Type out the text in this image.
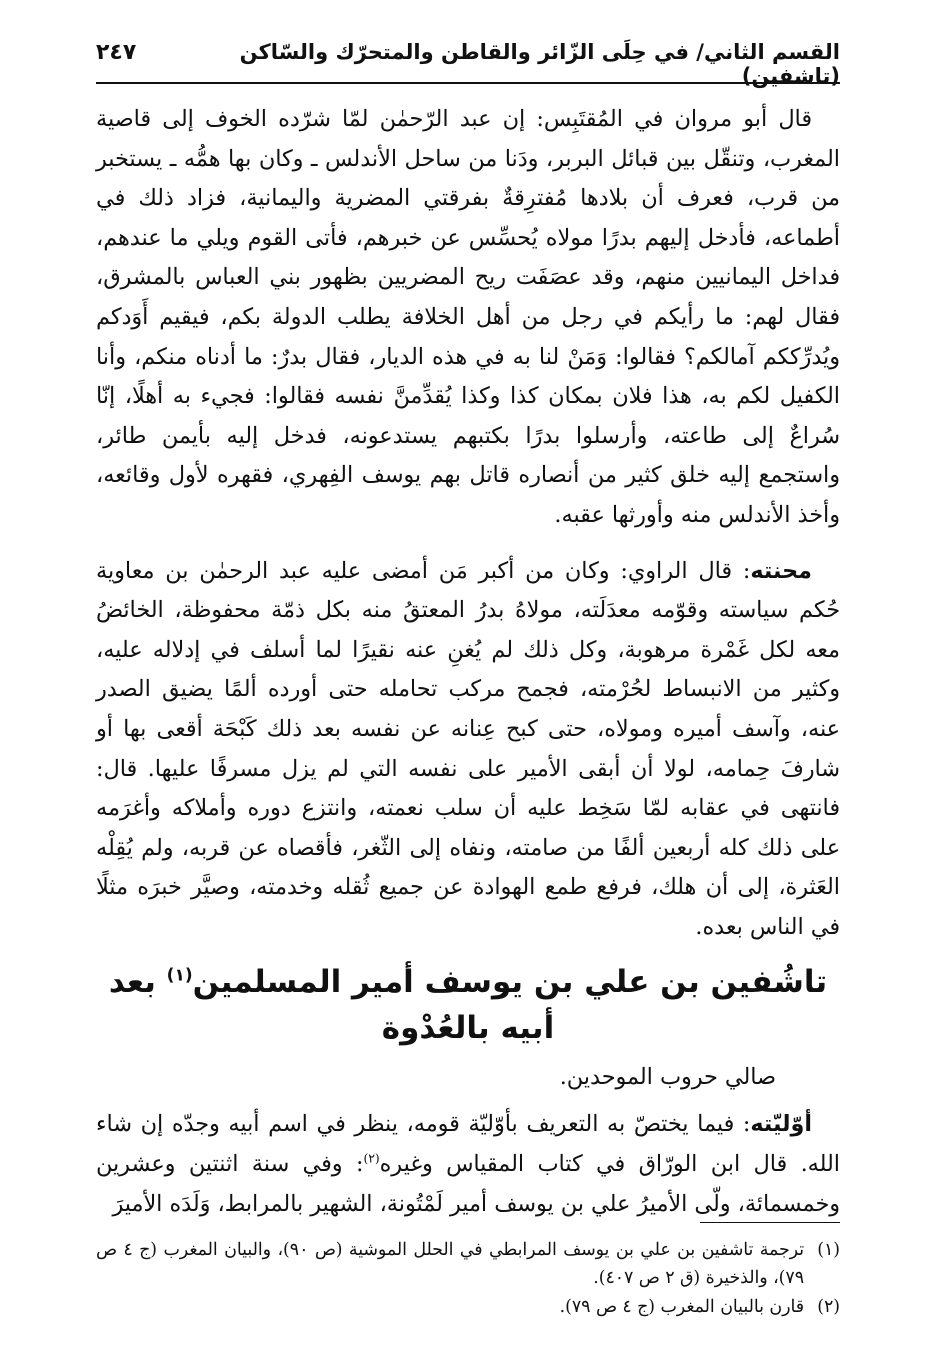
القسم الثاني/ في حِلَى الزّائر والقاطن والمتحرّك والسّاكن (تاشفين)
٢٤٧

قال أبو مروان في المُقتَبِس: إن عبد الرّحمٰن لمّا شرّده الخوف إلى قاصية المغرب، وتنقّل بين قبائل البربر، ودَنا من ساحل الأندلس ـ وكان بها همُّه ـ يستخبر من قرب، فعرف أن بلادها مُفترِقةٌ بفرقتي المضرية واليمانية، فزاد ذلك في أطماعه، فأدخل إليهم بدرًا مولاه يُحسِّس عن خبرهم، فأتى القوم ويلي ما عندهم، فداخل اليمانيين منهم، وقد عصَفَت ريح المضريين بظهور بني العباس بالمشرق، فقال لهم: ما رأيكم في رجل من أهل الخلافة يطلب الدولة بكم، فيقيم أَوَدكم ويُدرِّككم آمالكم؟ فقالوا: وَمَنْ لنا به في هذه الديار، فقال بدرٌ: ما أدناه منكم، وأنا الكفيل لكم به، هذا فلان بمكان كذا وكذا يُقدِّمنَّ نفسه فقالوا: فجيء به أهلًا، إنّا سُراعٌ إلى طاعته، وأرسلوا بدرًا بكتبهم يستدعونه، فدخل إليه بأيمن طائر، واستجمع إليه خلق كثير من أنصاره قاتل بهم يوسف الفِهري، فقهره لأول وقائعه، وأخذ الأندلس منه وأورثها عقبه.

محنته: قال الراوي: وكان من أكبر مَن أمضى عليه عبد الرحمٰن بن معاوية حُكم سياسته وقوّمه معدَلَته، مولاهُ بدرُ المعتقُ منه بكل ذمّة محفوظة، الخائضُ معه لكل غَمْرة مرهوبة، وكل ذلك لم يُغنِ عنه نقيرًا لما أسلف في إدلاله عليه، وكثير من الانبساط لحُرْمته، فجمح مركب تحامله حتى أورده ألمًا يضيق الصدر عنه، وآسف أميره ومولاه، حتى كبح عِنانه عن نفسه بعد ذلك كَبْحَة أقعى بها أو شارفَ حِمامه، لولا أن أبقى الأمير على نفسه التي لم يزل مسرفًا عليها. قال: فانتهى في عقابه لمّا سَخِط عليه أن سلب نعمته، وانتزع دوره وأملاكه وأغرَمه على ذلك كله أربعين ألفًا من صامته، ونفاه إلى الثّغر، فأقصاه عن قربه، ولم يُقِلْه العَثرة، إلى أن هلك، فرفع طمع الهوادة عن جميع ثُقله وخدمته، وصيَّر خبرَه مثلًا في الناس بعده.

تاشُفين بن علي بن يوسف أمير المسلمين$^{(١)}$ بعد أبيه بالعُدْوة
صالي حروب الموحدين.

أوّليّته: فيما يختصّ به التعريف بأوّليّة قومه، ينظر في اسم أبيه وجدّه إن شاء الله. قال ابن الورّاق في كتاب المقياس وغيره$^{(٢)}$: وفي سنة اثنتين وعشرين وخمسمائة، ولّى الأميرُ علي بن يوسف أمير لَمْتُونة، الشهير بالمرابط، وَلَدَه الأميرَ

(١)ترجمة تاشفين بن علي بن يوسف المرابطي في الحلل الموشية (ص ٩٠)، والبيان المغرب (ج ٤ ص ٧٩)، والذخيرة (ق ٢ ص ٤٠٧).

(٢)قارن بالبيان المغرب (ج ٤ ص ٧٩).
